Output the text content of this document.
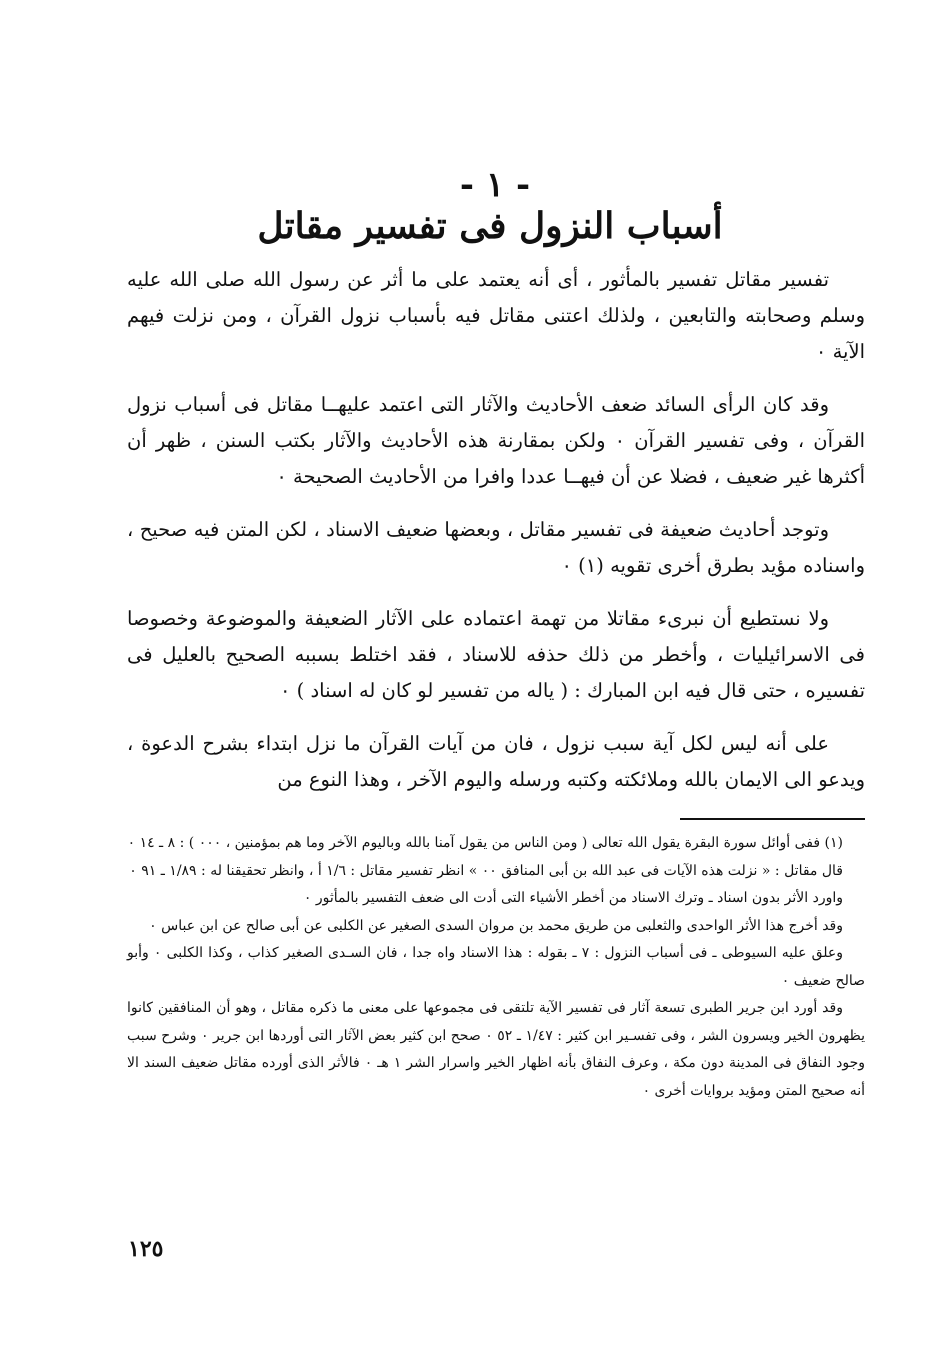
- ١ -
أسباب النزول فى تفسير مقاتل

تفسير مقاتل تفسير بالمأثور ، أى أنه يعتمد على ما أثر عن رسول الله صلى الله عليه وسلم وصحابته والتابعين ، ولذلك اعتنى مقاتل فيه بأسباب نزول القرآن ، ومن نزلت فيهم الآية ٠

وقد كان الرأى السائد ضعف الأحاديث والآثار التى اعتمد عليهــا مقاتل فى أسباب نزول القرآن ، وفى تفسير القرآن ٠ ولكن بمقارنة هذه الأحاديث والآثار بكتب السنن ، ظهر أن أكثرها غير ضعيف ، فضلا عن أن فيهــا عددا وافرا من الأحاديث الصحيحة ٠

وتوجد أحاديث ضعيفة فى تفسير مقاتل ، وبعضها ضعيف الاسناد ، لكن المتن فيه صحيح ، واسناده مؤيد بطرق أخرى تقويه (١) ٠

ولا نستطيع أن نبرىء مقاتلا من تهمة اعتماده على الآثار الضعيفة والموضوعة وخصوصا فى الاسرائيليات ، وأخطر من ذلك حذفه للاسناد ، فقد اختلط بسببه الصحيح بالعليل فى تفسيره ، حتى قال فيه ابن المبارك : ( ياله من تفسير لو كان له اسناد ) ٠

على أنه ليس لكل آية سبب نزول ، فان من آيات القرآن ما نزل ابتداء بشرح الدعوة ، ويدعو الى الايمان بالله وملائكته وكتبه ورسله واليوم الآخر ، وهذا النوع من

(١) ففى أوائل سورة البقرة يقول الله تعالى ( ومن الناس من يقول آمنا بالله وباليوم الآخر وما هم بمؤمنين ، ٠٠٠ ) : ٨ ـ ١٤ ٠

قال مقاتل : « نزلت هذه الآيات فى عبد الله بن أبى المنافق ٠٠ » انظر تفسير مقاتل : ١/٦ أ ، وانظر تحقيقنا له : ١/٨٩ ـ ٩١ ٠

واورد الأثر بدون اسناد ـ وترك الاسناد من أخطر الأشياء التى أدت الى ضعف التفسير بالمأثور ٠

وقد أخرج هذا الأثر الواحدى والثعلبى من طريق محمد بن مروان السدى الصغير عن الكلبى عن أبى صالح عن ابن عباس ٠

وعلق عليه السيوطى ـ فى أسباب النزول : ٧ ـ بقوله : هذا الاسناد واه جدا ، فان السـدى الصغير كذاب ، وكذا الكلبى ٠ وأبو صالح ضعيف ٠

وقد أورد ابن جرير الطبرى تسعة آثار فى تفسير الآية تلتقى فى مجموعها على معنى ما ذكره مقاتل ، وهو أن المنافقين كانوا يظهرون الخير ويسرون الشر ، وفى تفسـير ابن كثير : ١/٤٧ ـ ٥٢ ٠ صحح ابن كثير بعض الآثار التى أوردها ابن جرير ٠ وشرح سبب وجود النفاق فى المدينة دون مكة ، وعرف النفاق بأنه اظهار الخير واسرار الشر ١ هـ ٠ فالأثر الذى أورده مقاتل ضعيف السند الا أنه صحيح المتن ومؤيد بروايات أخرى ٠

١٢٥
